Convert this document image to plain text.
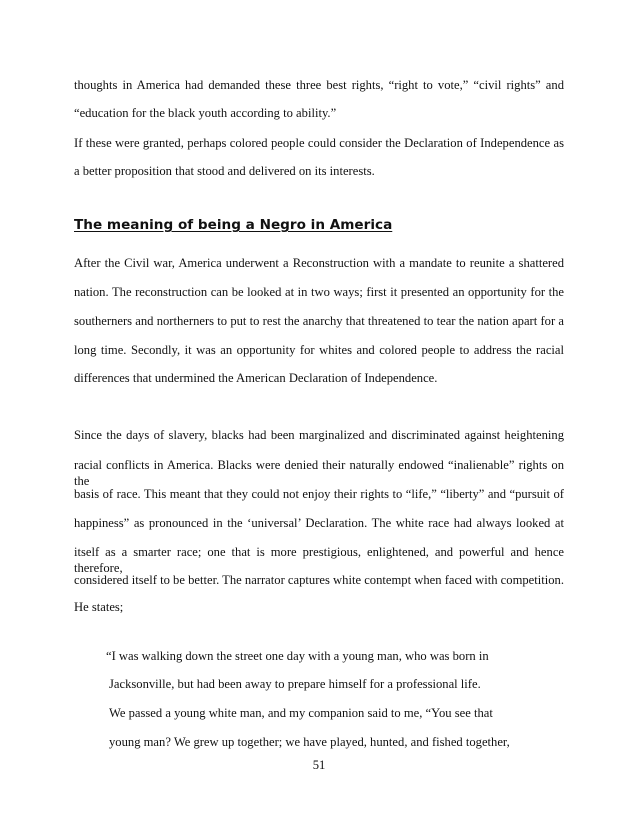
thoughts in America had demanded these three best rights, “right to vote,” “civil rights” and
“education for the black youth according to ability.”
If these were granted, perhaps colored people could consider the Declaration of Independence as
a better proposition that stood and delivered on its interests.
The meaning of being a Negro in America
After the Civil war, America underwent a Reconstruction with a mandate to reunite a shattered
nation. The reconstruction can be looked at in two ways; first it presented an opportunity for the
southerners and northerners to put to rest the anarchy that threatened to tear the nation apart for a
long time. Secondly, it was an opportunity for whites and colored people to address the racial
differences that undermined the American Declaration of Independence.
Since the days of slavery, blacks had been marginalized and discriminated against heightening
racial conflicts in America. Blacks were denied their naturally endowed “inalienable” rights on the
basis of race. This meant that they could not enjoy their rights to “life,” “liberty” and “pursuit of
happiness” as pronounced in the ‘universal’ Declaration. The white race had always looked at
itself as a smarter race; one that is more prestigious, enlightened, and powerful and hence therefore,
considered itself to be better. The narrator captures white contempt when faced with competition.
He states;
“I was walking down the street one day with a young man, who was born in
Jacksonville, but had been away to prepare himself for a professional life.
We passed a young white man, and my companion said to me, “You see that
young man? We grew up together; we have played, hunted, and fished together,
51
